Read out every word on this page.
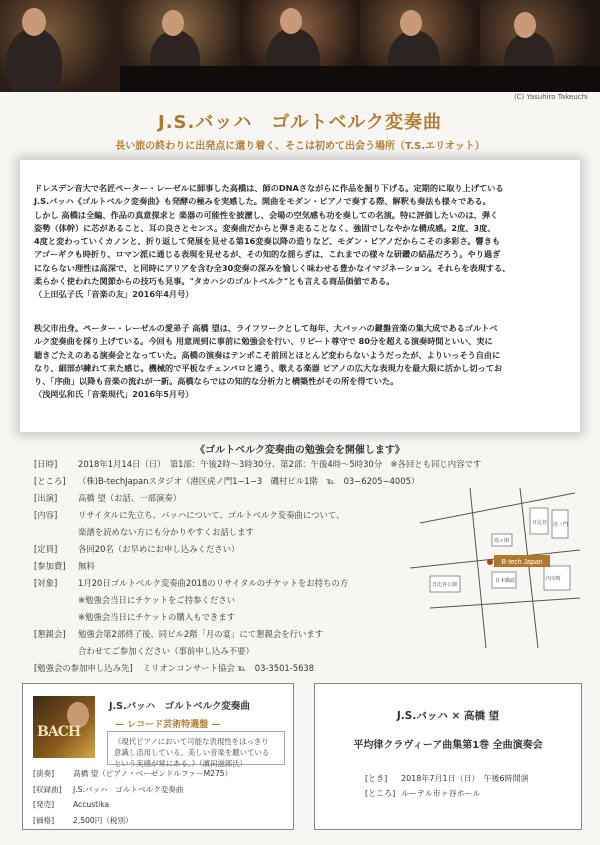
(C) Yasuhiro Takeuchi
J.S.バッハ　ゴルトベルク変奏曲
長い旅の終わりに出発点に還り着く、そこは初めて出会う場所（T.S.エリオット）

ドレスデン音大で名匠ペーター・レーゼルに師事した高橋は、師のDNAさながらに作品を掘り下げる。定期的に取り上げている

J.S.バッハ《ゴルトベルク変奏曲》も発酵の極みを実感した。開曲をモダン・ピアノで奏する際、解釈も奏法も様々である。

しかし 高橋は全編、作品の真意探求と 楽器の可能性を披瀝し、会場の空気感も功を奏しての名演。特に評価したいのは、弾く

姿勢（体幹）に芯があること、耳の良さとセンス。変奏曲だからと弾き走ることなく、強固でしなやかな構成感。2度、3度、

4度と変わっていくカノンと、折り返して発展を見せる第16変奏以降の造りなど、モダン・ピアノだからこその多彩さ。響きも

アゴーギクも時折り、ロマン派に通じる表現を見せるが、その知的な揺らぎは、これまでの様々な研鑽の結晶だろう。やり過ぎ

にならない理性は高深で、と同時にアリアを含む全30変奏の深みを愉しく味わせる豊かなイマジネーション。それらを表現する、

柔らかく使われた関節からの技巧も見事。"タカハシのゴルトベルク"とも言える商品価値である。

（上田弘子氏「音楽の友」2016年4月号）

秩父市出身。ペーター・レーゼルの愛弟子 高橋 望は、ライフワークとして毎年、大バッハの鍵盤音楽の集大成であるゴルトベ

ルク変奏曲を採り上げている。今回も 用意周到に事前に勉強会を行い、リピート尊守で 80分を超える演奏時間といい、実に

聴きごたえのある演奏会となっていた。高橋の演奏はテンポこそ前回とほとんど変わらないようだったが、よりいっそう自由に

なり、細部が練れて来た感じ。機械的で平板なチェンバロと違う、歌える楽器 ピアノの広大な表現力を最大限に活かし切ってお

り、「序曲」以降も音楽の流れが一新。高橋ならではの知的な分析力と構築性がその所を得ていた。

（浅岡弘和氏「音楽現代」2016年5月号）

《ゴルトベルク変奏曲の勉強会を開催します》
[日時] 2018年1月14日（日）　第1部：午後2時〜3時30分、第2部：午後4時〜5時30分　※各回とも同じ内容です
[ところ] （株)B-techJapanスタジオ（港区虎ノ門1−1−3　磯村ビル1階　℡　03−6205−4005）
[出演] 高橋 望（お話、一部演奏）
[内容] リサイタルに先立ち、バッハについて、ゴルトベルク変奏曲について、
楽譜を読めない方にも分かりやすくお話します
[定員] 各回20名（お早めにお申し込みください）
[参加費] 無料
[対象] 1月20日ゴルトベルク変奏曲2018のリサイタルのチケットをお持ちの方
※勉強会当日にチケットをご持参ください
※勉強会当日にチケットの購入もできます
[懇親会] 勉強会第2部終了後、同ビル2階「月の宴」にて懇親会を行います
合わせてご参加ください（事前申し込み不要）
[勉強会の参加申し込み先] ミリオンコンサート協会 ℡　03-3501-5638
B-tech Japan
日比谷 虎ノ門
霞ヶ関
日本郵政
日比谷公園
内幸町
BACH
J.S.バッハ　ゴルトベルク変奏曲
— レコード芸術特選盤 —
《現代ピアノにおいて可能な表現性をはっきり
意識し活用している。美しい音楽を聴いている
という実感が常にある。》（濱田滋郎氏）
[演奏] 高橋 望（ピアノ・ベーゼンドルファーM275）
[収録曲] J.S.バッハ　ゴルトベルク変奏曲
[発売] Accustika
[価格] 2,500円（税別）
J.S.バッハ × 高橋 望
平均律クラヴィーア曲集第1巻 全曲演奏会
[とき] 2018年7月1日（日）　午後6時開演
[ところ] ルーテル市ヶ谷ホール
